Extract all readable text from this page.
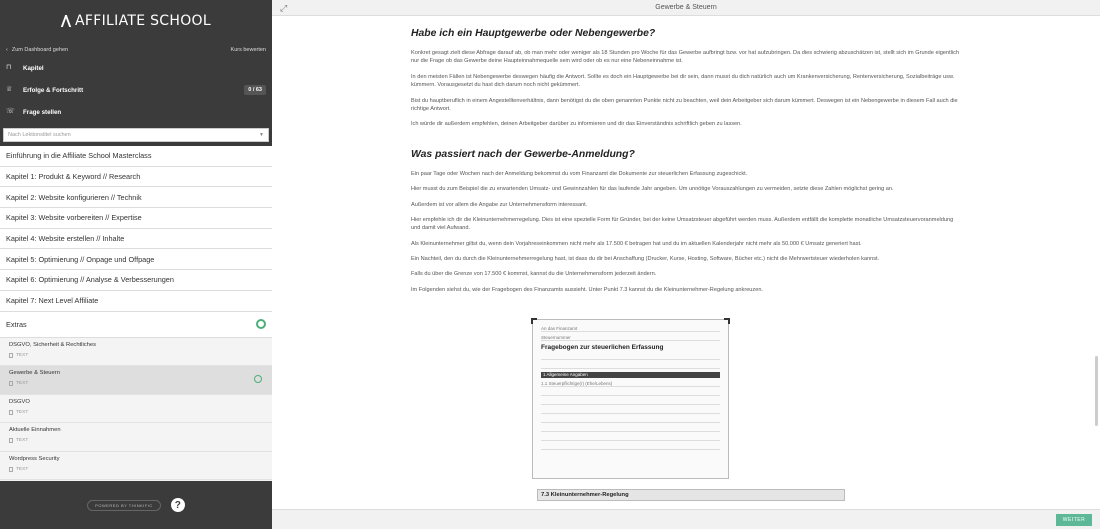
AFFILIATE SCHOOL
‹ Zum Dashboard gehen	Kurs bewerten
⊓	Kapitel
♕ Erfolge & Fortschritt	0 / 63
☏ Frage stellen
Nach Lektionstitel suchen	▼
Einführung in die Affiliate School Masterclass
Kapitel 1: Produkt & Keyword // Research
Kapitel 2: Website konfigurieren // Technik
Kapitel 3: Website vorbereiten // Expertise
Kapitel 4: Website erstellen // Inhalte
Kapitel 5: Optimierung // Onpage und Offpage
Kapitel 6: Optimierung // Analyse & Verbesserungen
Kapitel 7: Next Level Affiliate
Extras
DSGVO, Sicherheit & Rechtliches
TEXT
Gewerbe & Steuern
TEXT
DSGVO
TEXT
Aktuelle Einnahmen
TEXT
Wordpress Security
TEXT
POWERED BY THINKIFIC	?
⤢	Gewerbe & Steuern
Habe ich ein Hauptgewerbe oder Nebengewerbe?

Konkret gesagt zielt diese Abfrage darauf ab, ob man mehr oder weniger als 18 Stunden pro Woche für das Gewerbe aufbringt bzw. vor hat aufzubringen. Da dies schwierig abzuschätzen ist, stellt sich im Grunde eigentlich nur die Frage ob das Gewerbe deine Haupteinnahmequelle sein wird oder ob es nur eine Nebeneinnahme ist.

In den meisten Fällen ist Nebengewerbe deswegen häufig die Antwort. Sollte es doch ein Hauptgewerbe bei dir sein, dann musst du dich natürlich auch um Krankenversicherung, Rentenversicherung, Sozialbeiträge usw. kümmern. Vorausgesetzt du hast dich darum noch nicht gekümmert.

Bist du hauptberuflich in einem Angestelltenverhältnis, dann benötigst du die oben genannten Punkte nicht zu beachten, weil dein Arbeitgeber sich darum kümmert. Deswegen ist ein Nebengewerbe in diesem Fall auch die richtige Antwort.

Ich würde dir außerdem empfehlen, deinen Arbeitgeber darüber zu informieren und dir das Einverständnis schriftlich geben zu lassen.

Was passiert nach der Gewerbe-Anmeldung?

Ein paar Tage oder Wochen nach der Anmeldung bekommst du vom Finanzamt die Dokumente zur steuerlichen Erfassung zugeschickt.

Hier musst du zum Beispiel die zu erwartenden Umsatz- und Gewinnzahlen für das laufende Jahr angeben. Um unnötige Vorauszahlungen zu vermeiden, setzte diese Zahlen möglichst gering an.

Außerdem ist vor allem die Angabe zur Unternehmensform interessant.

Hier empfehle ich dir die Kleinunternehmerregelung. Dies ist eine spezielle Form für Gründer, bei der keine Umsatzsteuer abgeführt werden muss. Außerdem entfällt die komplette monatliche Umsatzsteuervoranmeldung und damit viel Aufwand.

Als Kleinunternehmer giltst du, wenn dein Vorjahreseinkommen nicht mehr als 17.500 € betragen hat und du im aktuellen Kalenderjahr nicht mehr als 50.000 € Umsatz generiert hast.

Ein Nachteil, den du durch die Kleinunternehmerregelung hast, ist dass du dir bei Anschaffung (Drucker, Kurse, Hosting, Software, Bücher etc.) nicht die Mehrwertsteuer wiederholen kannst.

Falls du über die Grenze von 17.500 € kommst, kannst du die Unternehmensform jederzeit ändern.

Im Folgenden siehst du, wie der Fragebogen des Finanzamts aussieht. Unter Punkt 7.3 kannst du die Kleinunternehmer-Regelung ankreuzen.

An das Finanzamt
Steuernummer
Fragebogen zur steuerlichen Erfassung
1 Allgemeine Angaben
1.1 Steuerpflichtige(r) (Ehe/Lebens)
7.3 Kleinunternehmer-Regelung
WEITER
